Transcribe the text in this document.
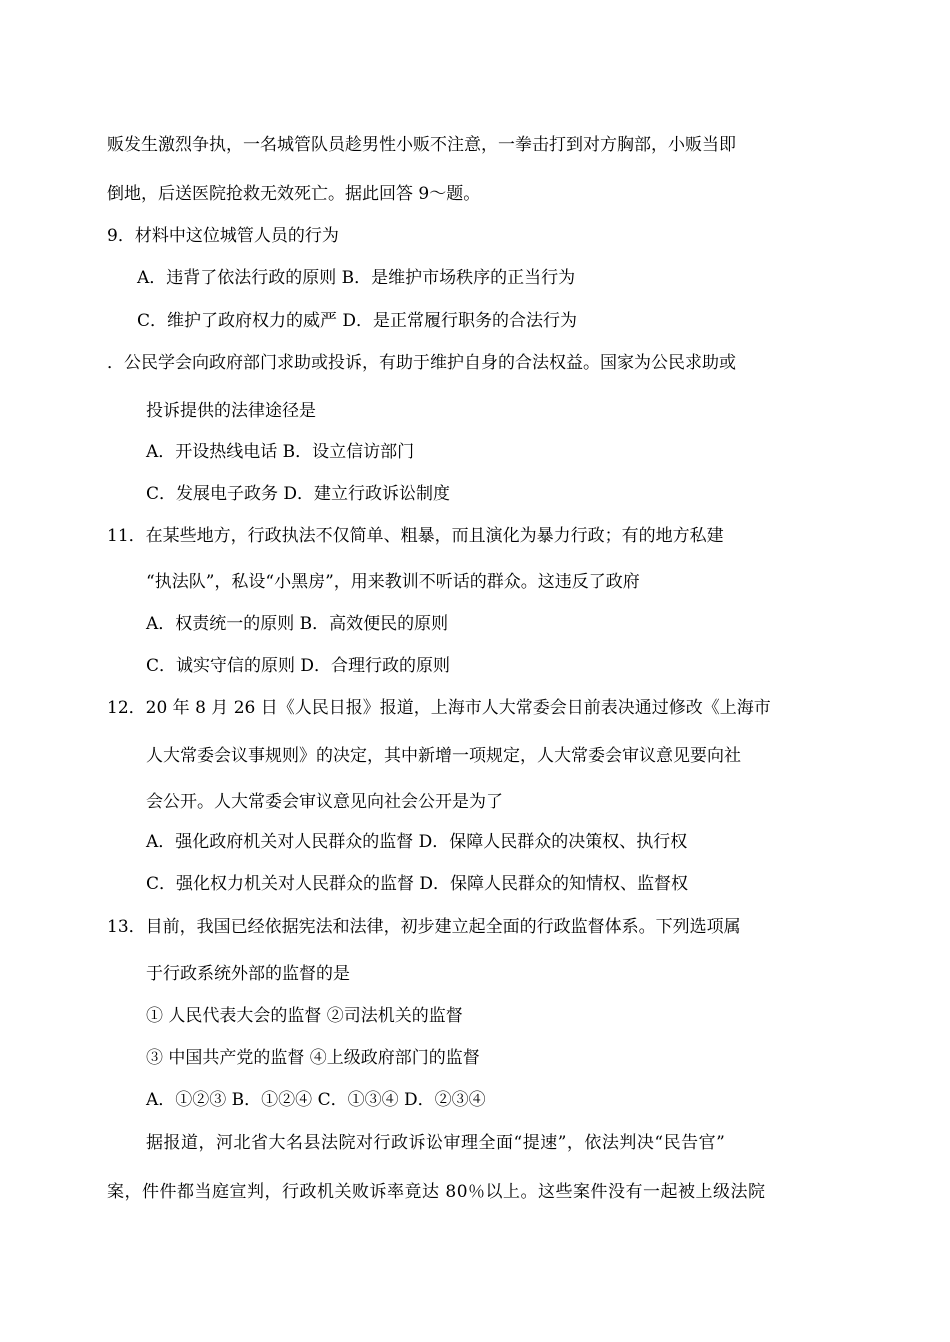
贩发生激烈争执，一名城管队员趁男性小贩不注意，一拳击打到对方胸部，小贩当即
倒地，后送医院抢救无效死亡。据此回答 9～题。
9．材料中这位城管人员的行为
A．违背了依法行政的原则 B．是维护市场秩序的正当行为
C．维护了政府权力的威严 D．是正常履行职务的合法行为
．公民学会向政府部门求助或投诉，有助于维护自身的合法权益。国家为公民求助或
投诉提供的法律途径是
A．开设热线电话 B．设立信访部门
C．发展电子政务 D．建立行政诉讼制度
11．在某些地方，行政执法不仅简单、粗暴，而且演化为暴力行政；有的地方私建
“执法队”，私设“小黑房”，用来教训不听话的群众。这违反了政府
A．权责统一的原则 B．高效便民的原则
C．诚实守信的原则 D．合理行政的原则
12．20 年 8 月 26 日《人民日报》报道，上海市人大常委会日前表决通过修改《上海市
人大常委会议事规则》的决定，其中新增一项规定，人大常委会审议意见要向社
会公开。人大常委会审议意见向社会公开是为了
A．强化政府机关对人民群众的监督 D．保障人民群众的决策权、执行权
C．强化权力机关对人民群众的监督 D．保障人民群众的知情权、监督权
13．目前，我国已经依据宪法和法律，初步建立起全面的行政监督体系。下列选项属
于行政系统外部的监督的是
① 人民代表大会的监督 ②司法机关的监督
③ 中国共产党的监督 ④上级政府部门的监督
A．①②③ B．①②④ C．①③④ D．②③④
据报道，河北省大名县法院对行政诉讼审理全面“提速”，依法判决“民告官”
案，件件都当庭宣判，行政机关败诉率竟达 80％以上。这些案件没有一起被上级法院
